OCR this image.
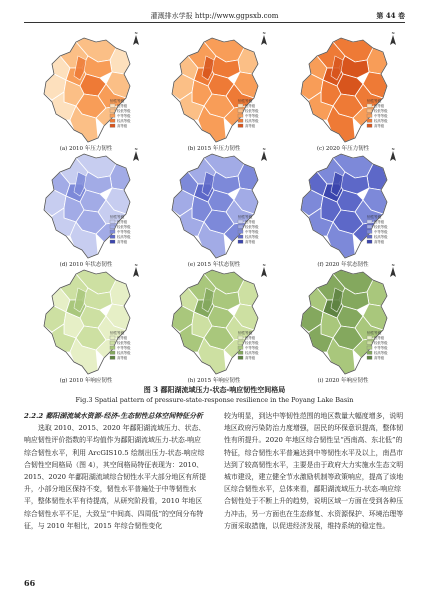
灌溉排水学报 http://www.ggpsxb.com	第 44 卷
N
韧性等级
低等级
较低等级
中等等级
较高等级
高等级
(a) 2010 年压力韧性
N
韧性等级
低等级
较低等级
中等等级
较高等级
高等级
(b) 2015 年压力韧性
N
韧性等级
低等级
较低等级
中等等级
较高等级
高等级
(c) 2020 年压力韧性
N
韧性等级
低等级
较低等级
中等等级
较高等级
高等级
(d) 2010 年状态韧性
N
韧性等级
低等级
较低等级
中等等级
较高等级
高等级
(e) 2015 年状态韧性
N
韧性等级
低等级
较低等级
中等等级
较高等级
高等级
(f) 2020 年状态韧性
N
韧性等级
低等级
较低等级
中等等级
较高等级
高等级
(g) 2010 年响应韧性
N
韧性等级
低等级
较低等级
中等等级
较高等级
高等级
(h) 2015 年响应韧性
N
韧性等级
低等级
较低等级
中等等级
较高等级
高等级
(i) 2020 年响应韧性
图 3 鄱阳湖流域压力-状态-响应韧性空间格局
Fig.3 Spatial pattern of pressure-state-response resilience in the Poyang Lake Basin

2.2.2 鄱阳湖流域水资源-经济-生态韧性总体空间特征分析

选取 2010、2015、2020 年鄱阳湖流域压力、状态、响应韧性评价指数的平均值作为鄱阳湖流域压力-状态-响应综合韧性水平，利用 ArcGIS10.5 绘制出压力-状态-响应综合韧性空间格局（图 4），其空间格局特征表现为：2010、2015、2020 年鄱阳湖流域综合韧性水平大部分地区有所提升，小部分地区保持不变，韧性水平普遍处于中等韧性水平，整体韧性水平有待提高，从研究阶段看，2010 年地区综合韧性水平不足，大致呈“中间高、四周低”的空间分布特征，与 2010 年相比，2015 年综合韧性变化

较为明显，到达中等韧性范围的地区数量大幅度增多，说明地区政府污染防治力度增强，居民的环保意识提高，整体韧性有所提升。2020 年地区综合韧性呈“西南高、东北低”的特征，综合韧性水平普遍达到中等韧性水平及以上，南昌市达到了较高韧性水平，主要是由于政府大力实施水生态文明城市建设，建立健全节水激励机制等政策响应，提高了该地区综合韧性水平，总体来看，鄱阳湖流域压力-状态-响应综合韧性处于不断上升的趋势，说明区域一方面在受到各种压力冲击，另一方面也在生态修复、水资源保护、环境治理等方面采取措施，以促进经济发展，维持系统的稳定性。

66
